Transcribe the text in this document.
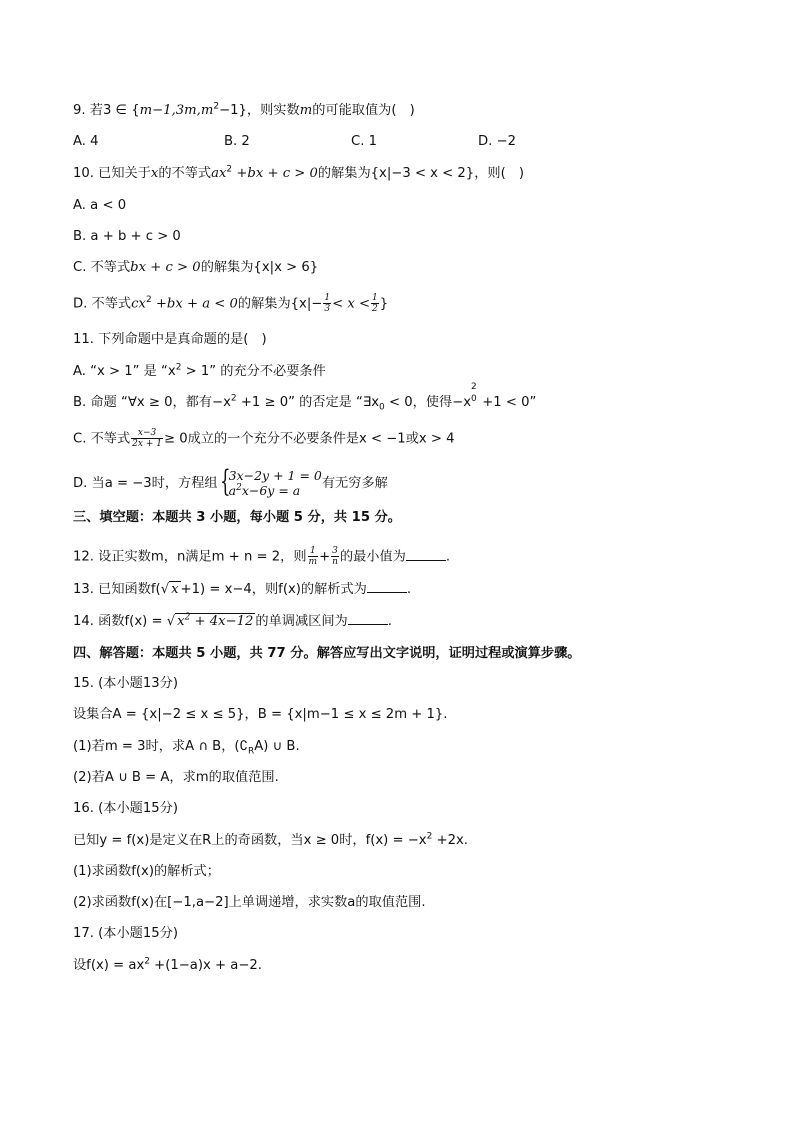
9. 若3 ∈ $\{m-1,3m,m^2-1\}$，则实数m的可能取值为(　)
A. 4	B. 2	C. 1	D. −2
10. 已知关于x的不等式$ax^2 +bx + c > 0$的解集为{x|−3 < x < 2}，则(　)
A. a < 0
B. a + b + c > 0
C. 不等式bx + c > 0的解集为{x|x > 6}
D. 不等式$cx^2 +bx + a < 0$的解集为{$x|- \frac{1}{3} < x < \frac{1}{2}$ }
11. 下列命题中是真命题的是(　)
A. “x > 1” 是 “$x^2 > 1$” 的充分不必要条件
B. 命题 “∀x ≥ 0，都有$-x^2 +1 \ge 0$” 的否定是 “$\exists x_0 < 0$，使得−x
2
0 +1 < 0”
C. 不等式 $\frac{x-3}{2x + 1} \ge 0$成立的一个充分不必要条件是x < −1或x > 4
D. 当a = −3时，方程组 {
3x−2y + 1 = 0
$a^2x-6y = a$	有无穷多解
三、填空题：本题共 3 小题，每小题 5 分，共 15 分。
12. 设正实数m，n满足m + n = 2，则 $\frac{1}{m} + \frac{3}{n}$ 的最小值为	.
13. 已知函数f(√ x +1) = x−4，则f(x)的解析式为	.
14. 函数f(x) = √ $x^2 + 4x-12$ 的单调减区间为	.
四、解答题：本题共 5 小题，共 77 分。解答应写出文字说明，证明过程或演算步骤。
15. (本小题13分)
设集合A = {x|−2 ≤ x ≤ 5}，B = {x|m−1 ≤ x ≤ 2m + 1}.
(1)若m = 3时，求A ∩ B，$(∁_RA)$ ∪ B.
(2)若A ∪ B = A，求m的取值范围.
16. (本小题15分)
已知y = f(x)是定义在R上的奇函数，当x ≥ 0时，$f(x) = -x^2 +2x$.
(1)求函数f(x)的解析式；
(2)求函数f(x)在[−1,a−2]上单调递增，求实数a的取值范围.
17. (本小题15分)
设$f(x) = ax^2 +(1-a)x + a-2$.
